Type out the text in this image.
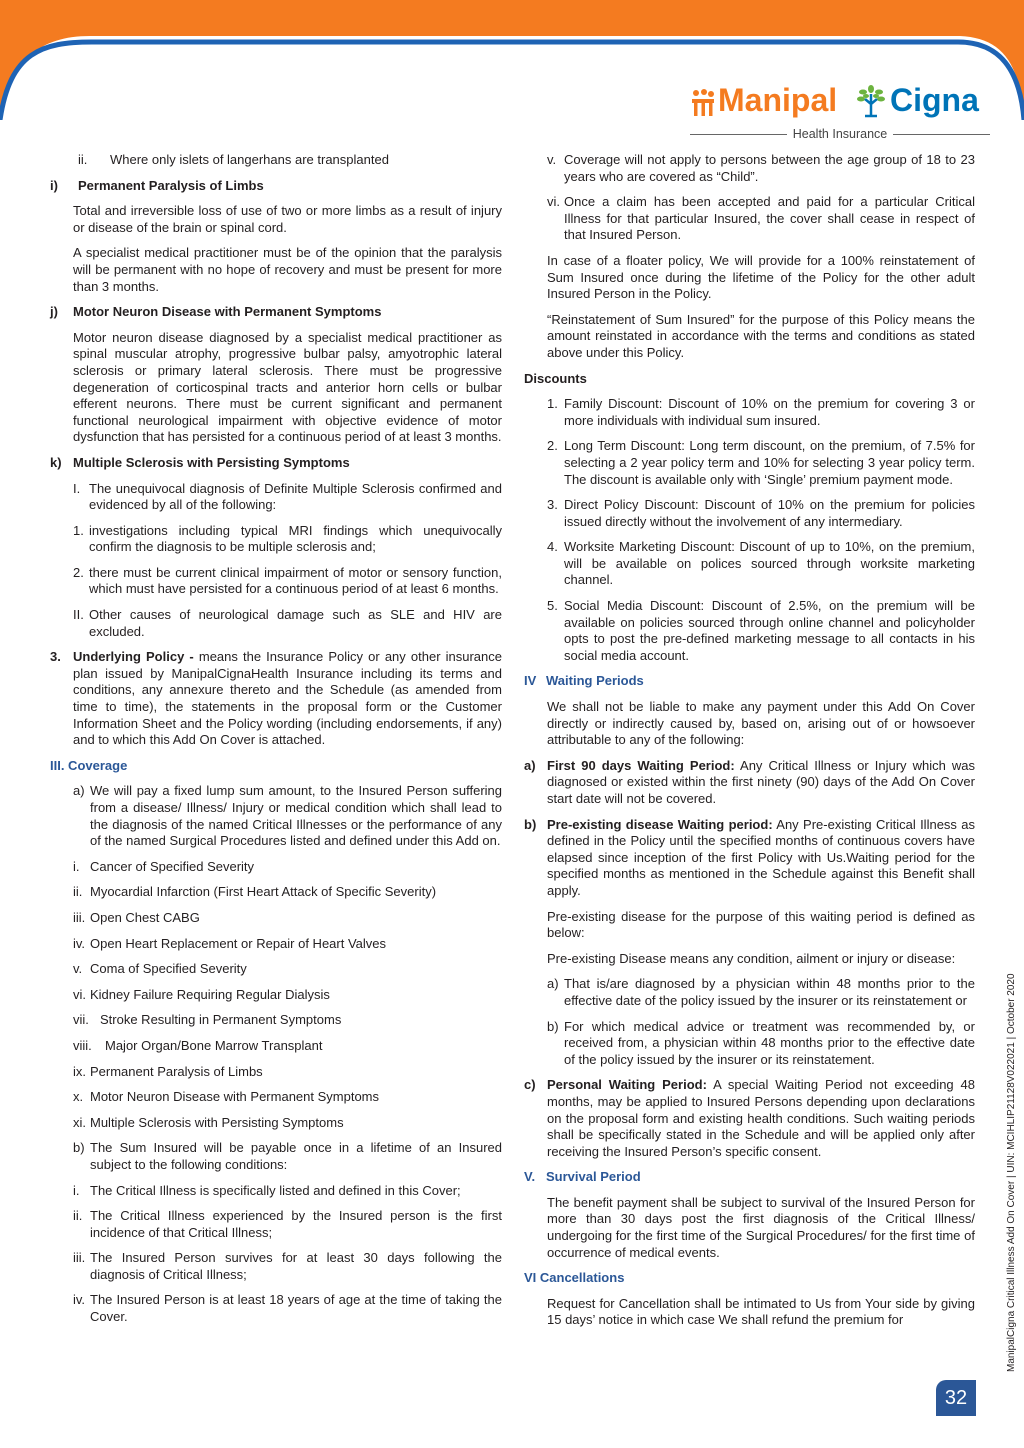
Manipal Cigna
Health Insurance
ii.	Where only islets of langerhans are transplanted
i)	Permanent Paralysis of Limbs

Total and irreversible loss of use of two or more limbs as a result of injury or disease of the brain or spinal cord.

A specialist medical practitioner must be of the opinion that the paralysis will be permanent with no hope of recovery and must be present for more than 3 months.

j)	Motor Neuron Disease with Permanent Symptoms

Motor neuron disease diagnosed by a specialist medical practitioner as spinal muscular atrophy, progressive bulbar palsy, amyotrophic lateral sclerosis or primary lateral sclerosis. There must be progressive degeneration of corticospinal tracts and anterior horn cells or bulbar efferent neurons. There must be current significant and permanent functional neurological impairment with objective evidence of motor dysfunction that has persisted for a continuous period of at least 3 months.

k) Multiple Sclerosis with Persisting Symptoms
I. The unequivocal diagnosis of Definite Multiple Sclerosis confirmed and evidenced by all of the following:
1. investigations including typical MRI findings which unequivocally confirm the diagnosis to be multiple sclerosis and;
2. there must be current clinical impairment of motor or sensory function, which must have persisted for a continuous period of at least 6 months.
II. Other causes of neurological damage such as SLE and HIV are excluded.
3. Underlying Policy - means the Insurance Policy or any other insurance plan issued by ManipalCignaHealth Insurance including its terms and conditions, any annexure thereto and the Schedule (as amended from time to time), the statements in the proposal form or the Customer Information Sheet and the Policy wording (including endorsements, if any) and to which this Add On Cover is attached.
III. Coverage
a) We will pay a fixed lump sum amount, to the Insured Person suffering from a disease/ Illness/ Injury or medical condition which shall lead to the diagnosis of the named Critical Illnesses or the performance of any of the named Surgical Procedures listed and defined under this Add on.
i. Cancer of Specified Severity
ii. Myocardial Infarction (First Heart Attack of Specific Severity)
iii. Open Chest CABG
iv. Open Heart Replacement or Repair of Heart Valves
v. Coma of Specified Severity
vi. Kidney Failure Requiring Regular Dialysis
vii. Stroke Resulting in Permanent Symptoms
viii.	Major Organ/Bone Marrow Transplant
ix. Permanent Paralysis of Limbs
x. Motor Neuron Disease with Permanent Symptoms
xi. Multiple Sclerosis with Persisting Symptoms
b) The Sum Insured will be payable once in a lifetime of an Insured subject to the following conditions:
i. The Critical Illness is specifically listed and defined in this Cover;
ii. The Critical Illness experienced by the Insured person is the first incidence of that Critical Illness;
iii. The Insured Person survives for at least 30 days following the diagnosis of Critical Illness;
iv. The Insured Person is at least 18 years of age at the time of taking the Cover.
v. Coverage will not apply to persons between the age group of 18 to 23 years who are covered as “Child”.
vi. Once a claim has been accepted and paid for a particular Critical Illness for that particular Insured, the cover shall cease in respect of that Insured Person.

In case of a floater policy, We will provide for a 100% reinstatement of Sum Insured once during the lifetime of the Policy for the other adult Insured Person in the Policy.

“Reinstatement of Sum Insured” for the purpose of this Policy means the amount reinstated in accordance with the terms and conditions as stated above under this Policy.

Discounts
1. Family Discount: Discount of 10% on the premium for covering 3 or more individuals with individual sum insured.
2. Long Term Discount: Long term discount, on the premium, of 7.5% for selecting a 2 year policy term and 10% for selecting 3 year policy term. The discount is available only with ‘Single’ premium payment mode.
3. Direct Policy Discount: Discount of 10% on the premium for policies issued directly without the involvement of any intermediary.
4. Worksite Marketing Discount: Discount of up to 10%, on the premium, will be available on polices sourced through worksite marketing channel.
5. Social Media Discount: Discount of 2.5%, on the premium will be available on policies sourced through online channel and policyholder opts to post the pre-defined marketing message to all contacts in his social media account.
IV Waiting Periods

We shall not be liable to make any payment under this Add On Cover directly or indirectly caused by, based on, arising out of or howsoever attributable to any of the following:

a) First 90 days Waiting Period: Any Critical Illness or Injury which was diagnosed or existed within the first ninety (90) days of the Add On Cover start date will not be covered.
b) Pre-existing disease Waiting period: Any Pre-existing Critical Illness as defined in the Policy until the specified months of continuous covers have elapsed since inception of the first Policy with Us.Waiting period for the specified months as mentioned in the Schedule against this Benefit shall apply.

Pre-existing disease for the purpose of this waiting period is defined as below:

Pre-existing Disease means any condition, ailment or injury or disease:

a) That is/are diagnosed by a physician within 48 months prior to the effective date of the policy issued by the insurer or its reinstatement or
b) For which medical advice or treatment was recommended by, or received from, a physician within 48 months prior to the effective date of the policy issued by the insurer or its reinstatement.
c) Personal Waiting Period: A special Waiting Period not exceeding 48 months, may be applied to Insured Persons depending upon declarations on the proposal form and existing health conditions. Such waiting periods shall be specifically stated in the Schedule and will be applied only after receiving the Insured Person’s specific consent.
V. Survival Period

The benefit payment shall be subject to survival of the Insured Person for more than 30 days post the first diagnosis of the Critical Illness/ undergoing for the first time of the Surgical Procedures/ for the first time of occurrence of medical events.

VI Cancellations

Request for Cancellation shall be intimated to Us from Your side by giving 15 days’ notice in which case We shall refund the premium for

32
ManipalCigna Critical Illness Add On Cover | UIN: MCIHLIP21128V022021 | October 2020
